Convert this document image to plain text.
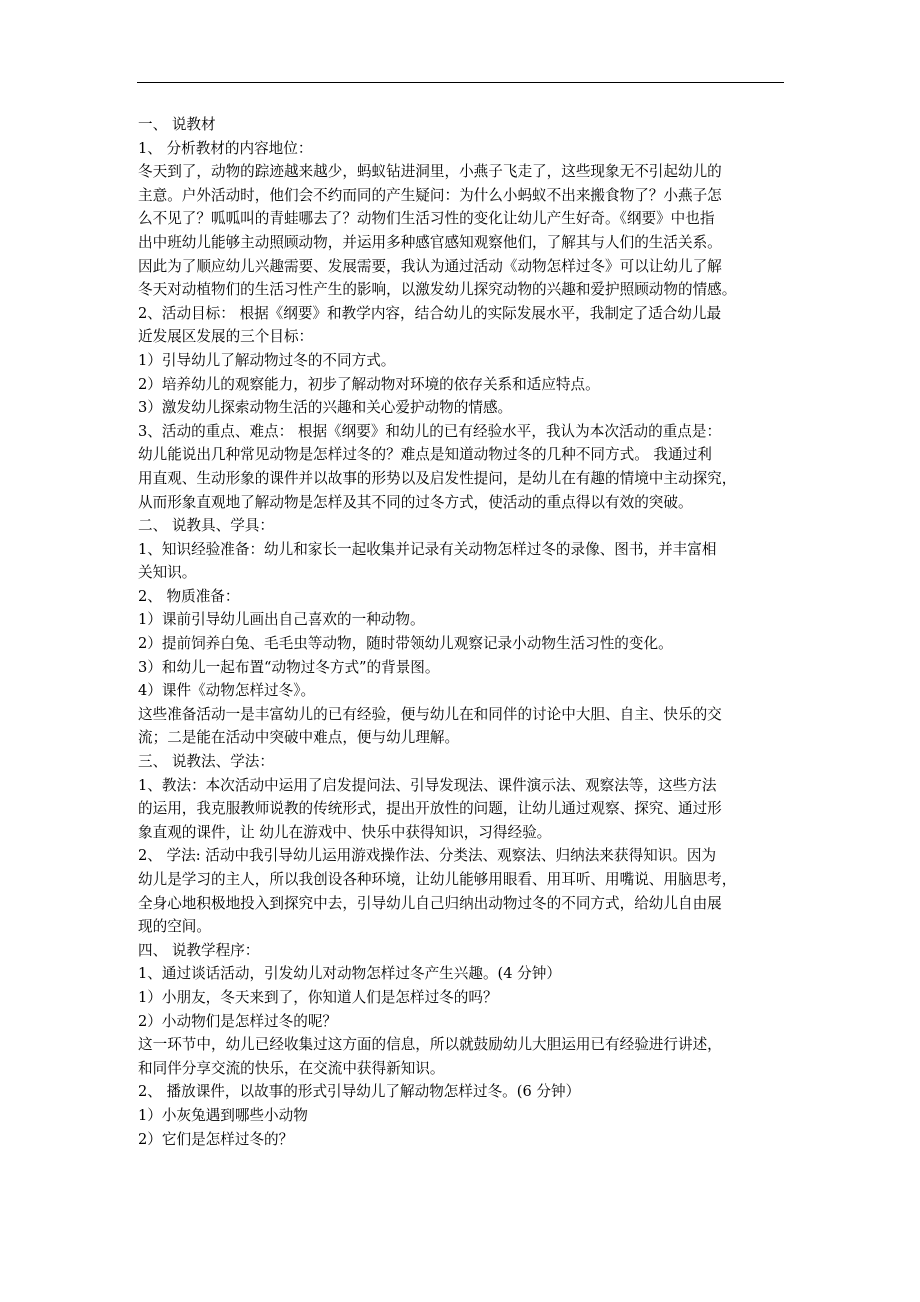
一、 说教材
1、 分析教材的内容地位：
冬天到了，动物的踪迹越来越少，蚂蚁钻进洞里，小燕子飞走了，这些现象无不引起幼儿的
主意。户外活动时，他们会不约而同的产生疑问：为什么小蚂蚁不出来搬食物了？小燕子怎
么不见了？呱呱叫的青蛙哪去了？动物们生活习性的变化让幼儿产生好奇。《纲要》中也指
出中班幼儿能够主动照顾动物，并运用多种感官感知观察他们，了解其与人们的生活关系。
因此为了顺应幼儿兴趣需要、发展需要，我认为通过活动《动物怎样过冬》可以让幼儿了解
冬天对动植物们的生活习性产生的影响，以激发幼儿探究动物的兴趣和爱护照顾动物的情感。
2、活动目标： 根据《纲要》和教学内容，结合幼儿的实际发展水平，我制定了适合幼儿最
近发展区发展的三个目标：
1）引导幼儿了解动物过冬的不同方式。
2）培养幼儿的观察能力，初步了解动物对环境的依存关系和适应特点。
3）激发幼儿探索动物生活的兴趣和关心爱护动物的情感。
3、活动的重点、难点： 根据《纲要》和幼儿的已有经验水平，我认为本次活动的重点是：
幼儿能说出几种常见动物是怎样过冬的？难点是知道动物过冬的几种不同方式。 我通过利
用直观、生动形象的课件并以故事的形势以及启发性提问，是幼儿在有趣的情境中主动探究，
从而形象直观地了解动物是怎样及其不同的过冬方式，使活动的重点得以有效的突破。
二、 说教具、学具：
1、知识经验准备：幼儿和家长一起收集并记录有关动物怎样过冬的录像、图书，并丰富相
关知识。
2、 物质准备：
1）课前引导幼儿画出自己喜欢的一种动物。
2）提前饲养白兔、毛毛虫等动物，随时带领幼儿观察记录小动物生活习性的变化。
3）和幼儿一起布置“动物过冬方式”的背景图。
4）课件《动物怎样过冬》。
这些准备活动一是丰富幼儿的已有经验，便与幼儿在和同伴的讨论中大胆、自主、快乐的交
流；二是能在活动中突破中难点，便与幼儿理解。
三、 说教法、学法：
1、教法：本次活动中运用了启发提问法、引导发现法、课件演示法、观察法等，这些方法
的运用，我克服教师说教的传统形式，提出开放性的问题，让幼儿通过观察、探究、通过形
象直观的课件，让 幼儿在游戏中、快乐中获得知识，习得经验。
2、 学法: 活动中我引导幼儿运用游戏操作法、分类法、观察法、归纳法来获得知识。因为
幼儿是学习的主人，所以我创设各种环境，让幼儿能够用眼看、用耳听、用嘴说、用脑思考，
全身心地积极地投入到探究中去，引导幼儿自己归纳出动物过冬的不同方式，给幼儿自由展
现的空间。
四、 说教学程序：
1、通过谈话活动，引发幼儿对动物怎样过冬产生兴趣。(4 分钟）
1）小朋友，冬天来到了，你知道人们是怎样过冬的吗？
2）小动物们是怎样过冬的呢？
这一环节中，幼儿已经收集过这方面的信息，所以就鼓励幼儿大胆运用已有经验进行讲述，
和同伴分享交流的快乐，在交流中获得新知识。
2、 播放课件，以故事的形式引导幼儿了解动物怎样过冬。(6 分钟）
1）小灰兔遇到哪些小动物
2）它们是怎样过冬的？
